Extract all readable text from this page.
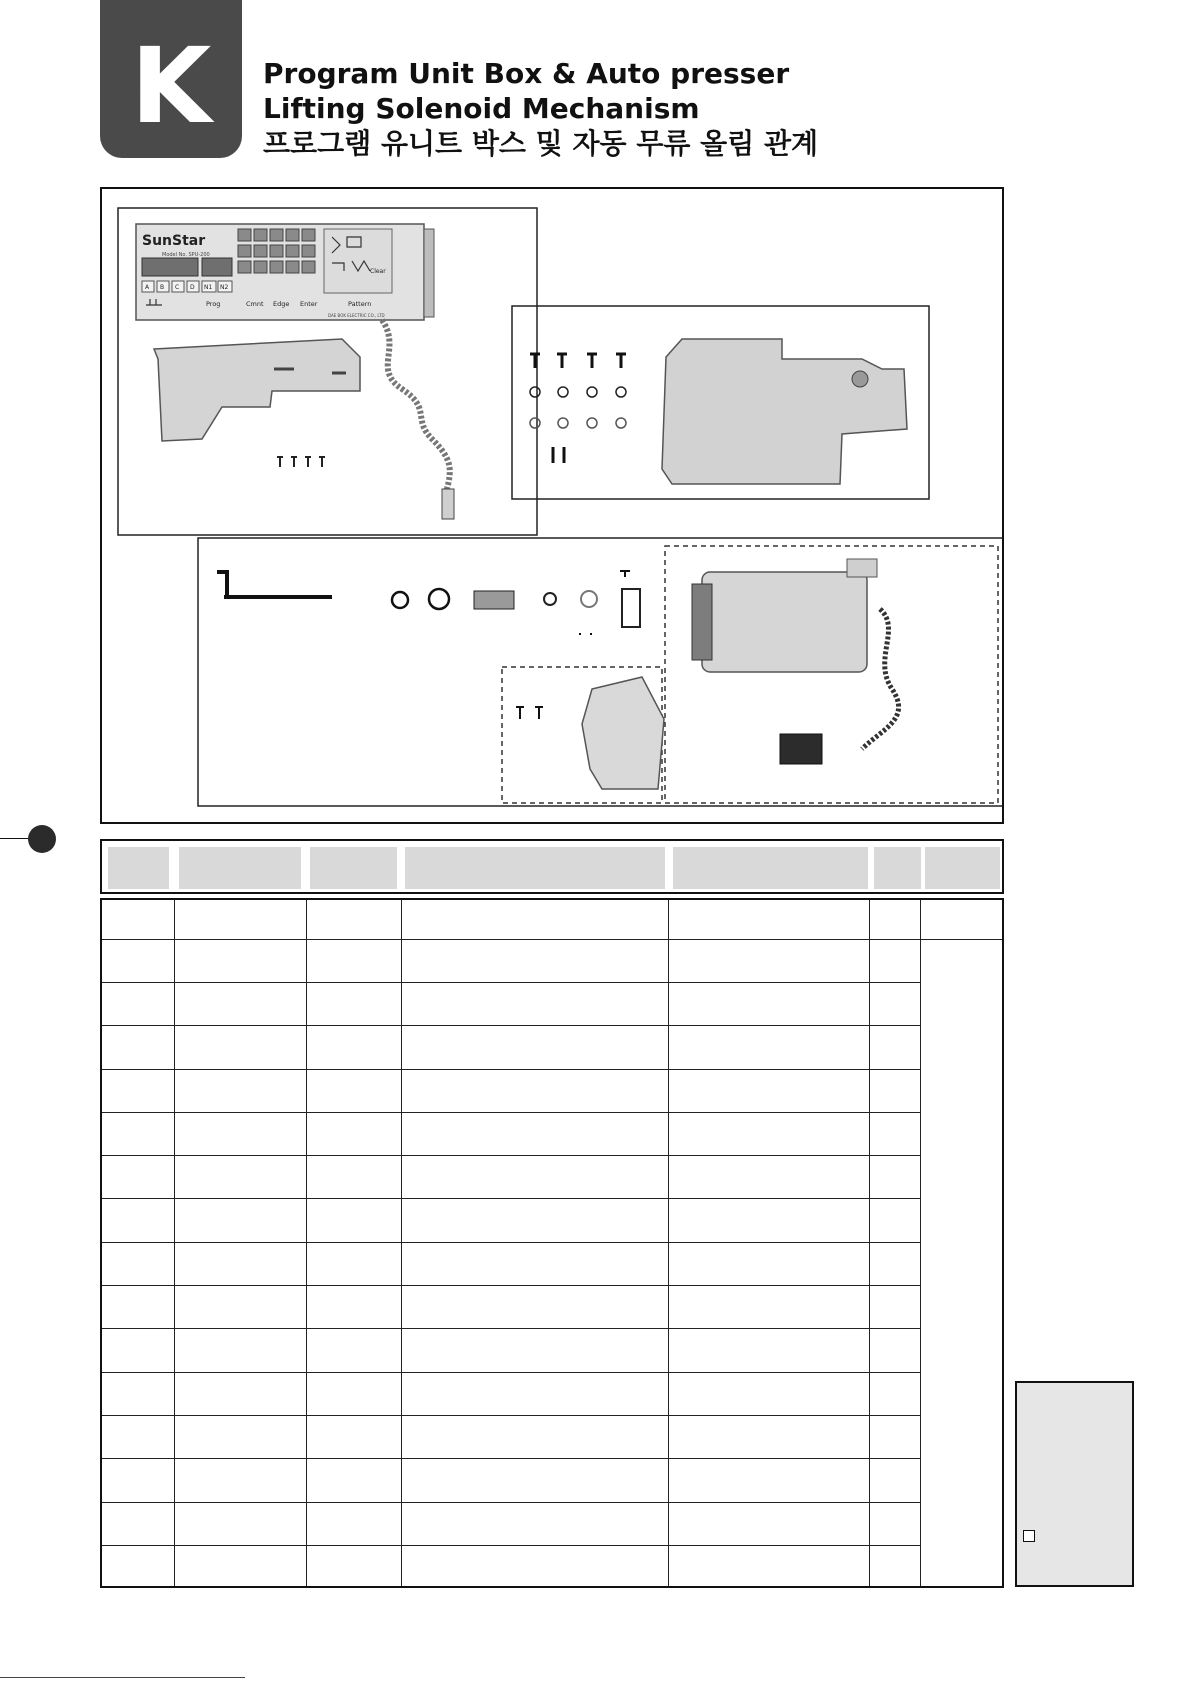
K	Program Unit Box & Auto presser
Lifting Solenoid Mechanism
프로그램 유니트 박스 및 자동 무류 올림 관계
SunStar
Model No. SPU-200
A B C D N1 N2
Clear
Prog	Cmnt Edge Enter	Pattern
DAE BOK ELECTRIC CO., LTD
